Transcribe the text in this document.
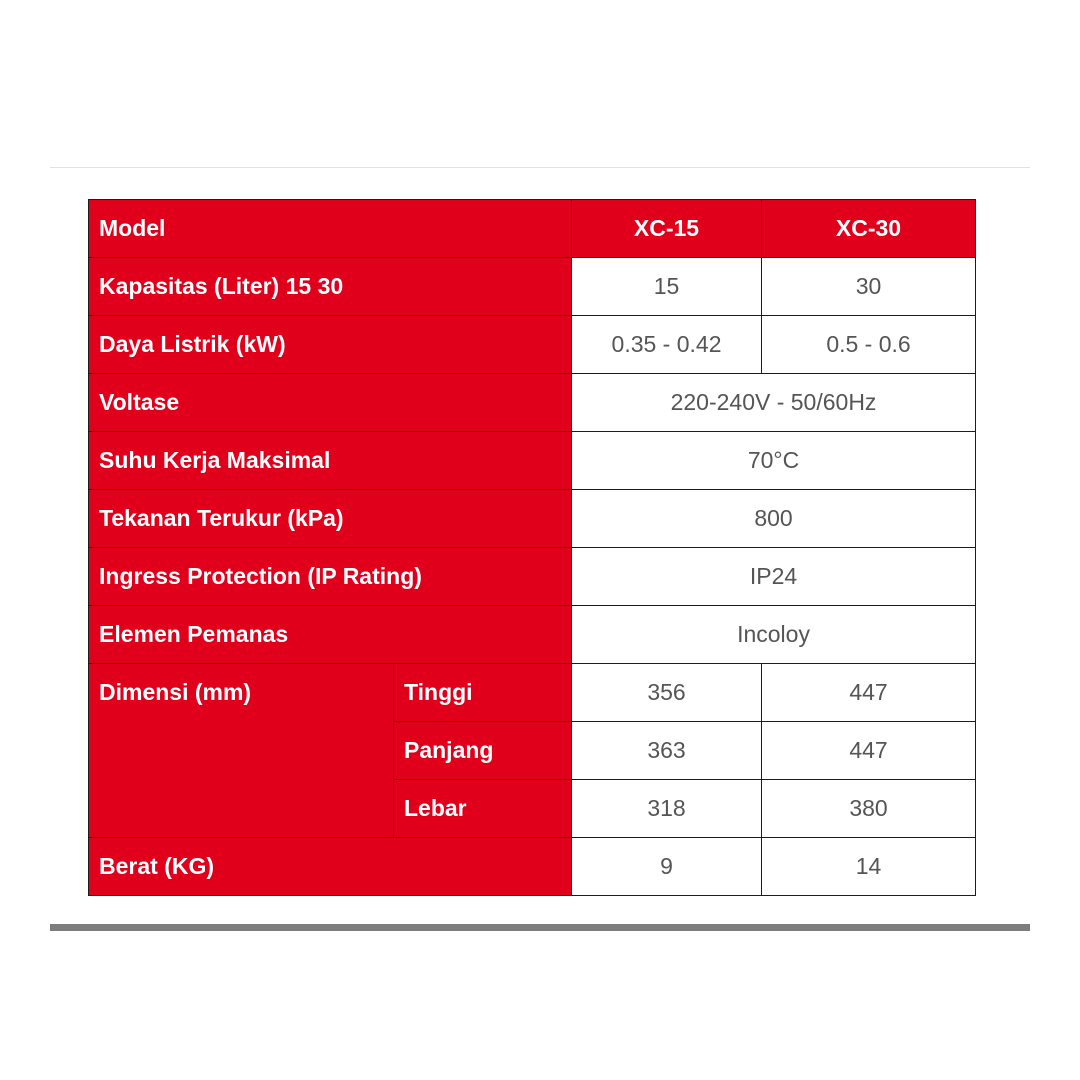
Model		XC-15	XC-30
Kapasitas (Liter) 15 30		15	30
Daya Listrik (kW)		0.35 - 0.42	0.5 - 0.6
Voltase		220-240V - 50/60Hz	
Suhu Kerja Maksimal		70°C	
Tekanan Terukur (kPa)		800	
Ingress Protection (IP Rating)		IP24	
Elemen Pemanas		Incoloy	
Dimensi (mm)	Tinggi	356	447
	Panjang	363	447
	Lebar	318	380
Berat (KG)		9	14
